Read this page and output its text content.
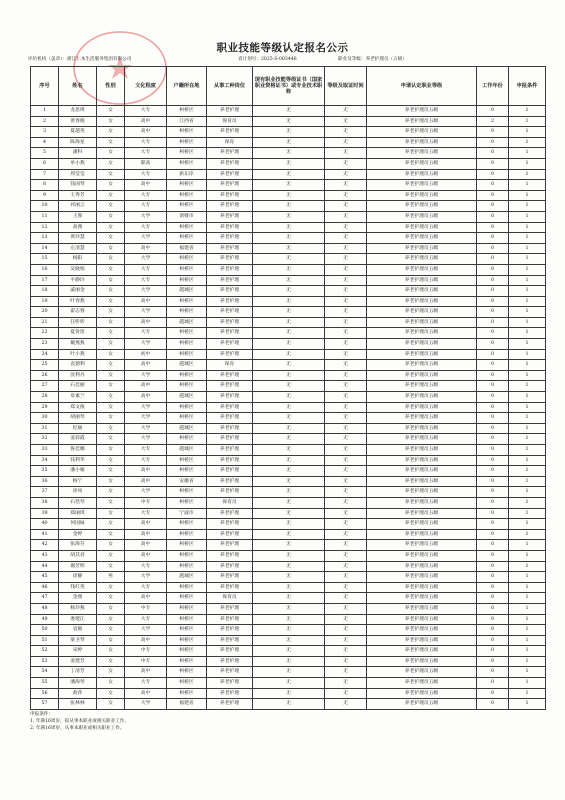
职业技能等级认定报名公示
评价机构（盖章）：浙江仁本生活服务集团有限公司	省计划号：2025-S-003446	职业及等级：养老护理员（五级）
序号	姓名	性别	文化程度	户籍所在地	从事工种岗位	现有职业技能等级证书（国家职业资格证书）或专业技术职称	等级及取证时间	申请认定职业等级	工作年份	申报条件
1	龙思瑛	女	大专	柯桥区	养老护理	无	无	养老护理员五级	0	1
2	黄春晓	女	高中	江西省	保育员	无	无	养老护理员五级	2	1
3	夏越英	女	高中	柯桥区	养老护理	无	无	养老护理员五级	0	1
4	陈海星	女	大专	柯桥区	保育	无	无	养老护理员五级	0	1
5	潘科	女	大专	柯桥区	养老护理	无	无	养老护理员五级	0	1
6	单小燕	女	职高	柯桥区	养老护理	无	无	养老护理员五级	0	1
7	周莹莹	女	大专	新东岸	养老护理	无	无	养老护理员五级	0	1
8	钱国琴	女	高中	柯桥区	养老护理	无	无	养老护理员五级	0	1
9	王秀芳	女	大专	柯桥区	养老护理	无	无	养老护理员五级	0	1
10	祁丽云	女	大专	柯桥区	养老护理	无	无	养老护理员五级	0	1
11	王蓉	女	大学	诸暨市	养老护理	无	无	养老护理员五级	0	1
12	高燕	女	大专	柯桥区	养老护理	无	无	养老护理员五级	0	1
13	黄玲慧	女	大学	柯桥区	养老护理	无	无	养老护理员五级	0	1
14	左清慧	女	高中	福建省	养老护理	无	无	养老护理员五级	0	1
15	杨阳	女	大学	柯桥区	养老护理	无	无	养老护理员五级	0	1
16	吴晓娟	女	大专	柯桥区	养老护理	无	无	养老护理员五级	0	1
17	平静玲	女	大专	柯桥区	养老护理	无	无	养老护理员五级	0	1
18	戚丽金	女	大学	越城区	养老护理	无	无	养老护理员五级	0	1
19	叶春燕	女	高中	柯桥区	养老护理	无	无	养老护理员五级	0	1
20	翟志蓉	女	大学	柯桥区	养老护理	无	无	养老护理员五级	0	1
21	任昕昕	女	高中	越城区	养老护理	无	无	养老护理员五级	0	1
22	夏骨莲	女	大专	柯桥区	养老护理	无	无	养老护理员五级	0	1
23	戴燕燕	女	大学	柯桥区	养老护理	无	无	养老护理员五级	0	1
24	叶小燕	女	初中	柯桥区	养老护理	无	无	养老护理员五级	0	1
25	袁德利	女	高中	越城区	保育	无	无	养老护理员五级	0	1
26	沈利丹	女	大学	柯桥区	养老护理	无	无	养老护理员五级	0	1
27	石佳丽	女	高中	柯桥区	养老护理	无	无	养老护理员五级	0	1
28	章素兰	女	高中	越城区	养老护理	无	无	养老护理员五级	0	1
29	郑文俊	女	大学	柯桥区	养老护理	无	无	养老护理员五级	0	1
30	胡丽琴	女	大学	柯桥区	养老护理	无	无	养老护理员五级	0	1
31	纪丽	女	大学	越城区	养老护理	无	无	养老护理员五级	0	1
32	姜彩霞	女	大学	柯桥区	养老护理	无	无	养老护理员五级	0	1
33	鲁佳娜	女	大专	越城区	养老护理	无	无	养老护理员五级	0	1
34	钱利华	女	大专	柯桥区	养老护理	无	无	养老护理员五级	0	1
35	潘小雁	女	高中	柯桥区	养老护理	无	无	养老护理员五级	0	1
36	杨宁	女	高中	安徽省	养老护理	无	无	养老护理员五级	0	1
37	徐凤	女	大学	柯桥区	养老护理	无	无	养老护理员五级	0	1
38	石恬琴	女	中专	柯桥区	保育员	无	无	养老护理员五级	0	1
39	郑丽琪	女	大专	宁波市	养老护理	无	无	养老护理员五级	0	1
40	何国妹	女	高中	柯桥区	养老护理	无	无	养老护理员五级	0	1
41	金婷	女	高中	柯桥区	养老护理	无	无	养老护理员五级	0	1
42	张海芬	女	高中	柯桥区	养老护理	无	无	养老护理员五级	0	1
43	胡其君	女	高中	柯桥区	养老护理	无	无	养老护理员五级	0	1
44	谢芳明	女	大专	柯桥区	养老护理	无	无	养老护理员五级	0	1
45	徐静	男	大学	越城区	养老护理	无	无	养老护理员五级	0	1
46	钱红英	女	大专	柯桥区	养老护理	无	无	养老护理员五级	0	1
47	金燕	女	高中	柯桥区	保育员	无	无	养老护理员五级	0	1
48	杨玲燕	女	中专	柯桥区	养老护理	无	无	养老护理员五级	0	1
49	娄建江	女	大专	柯桥区	养老护理	无	无	养老护理员五级	0	1
50	袁敏	女	大学	柯桥区	养老护理	无	无	养老护理员五级	0	1
51	梁卫琴	女	高中	柯桥区	养老护理	无	无	养老护理员五级	0	1
52	宋婷	女	中专	柯桥区	养老护理	无	无	养老护理员五级	0	1
53	姜建芳	女	中专	柯桥区	养老护理	无	无	养老护理员五级	0	1
54	丁清芳	女	高中	柯桥区	养老护理	无	无	养老护理员五级	0	1
55	潘海琴	女	大专	柯桥区	养老护理	无	无	养老护理员五级	0	1
56	俞萍	女	高中	柯桥区	养老护理	无	无	养老护理员五级	0	1
57	张林林	女	大学	福建省	养老护理	无	无	养老护理员五级	0	1
申报条件：
1. 年满16周岁，拟从事本职业或相关职业工作。
2. 年满16周岁，从事本职业或相关职业工作。
